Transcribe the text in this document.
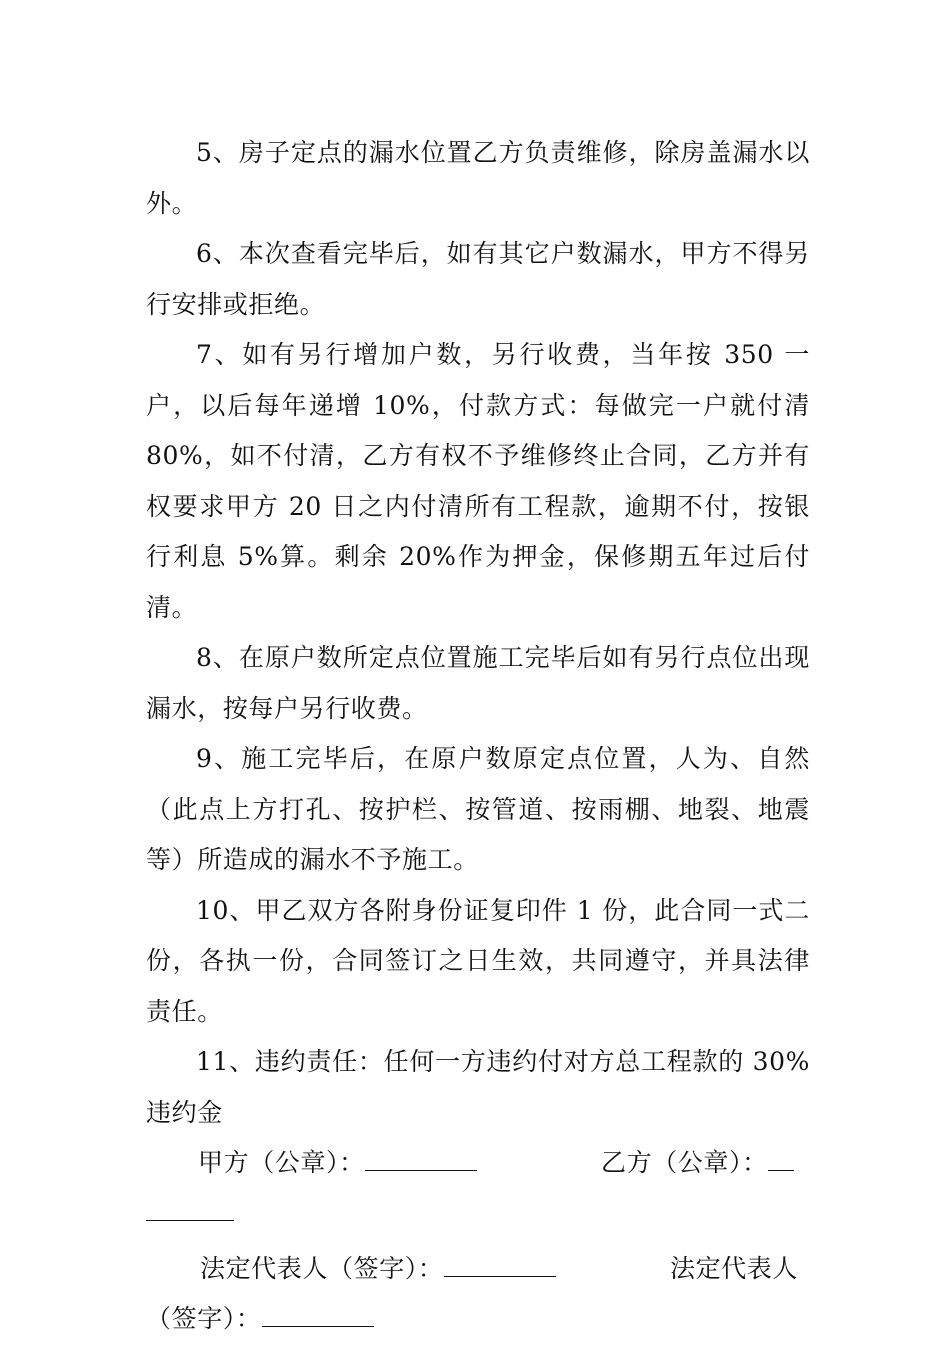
5、房子定点的漏水位置乙方负责维修，除房盖漏水以外。

6、本次查看完毕后，如有其它户数漏水，甲方不得另行安排或拒绝。

7、如有另行增加户数，另行收费，当年按 350 一户，以后每年递增 10%，付款方式：每做完一户就付清 80%，如不付清，乙方有权不予维修终止合同，乙方并有权要求甲方 20 日之内付清所有工程款，逾期不付，按银行利息 5%算。剩余 20%作为押金，保修期五年过后付清。

8、在原户数所定点位置施工完毕后如有另行点位出现漏水，按每户另行收费。

9、施工完毕后，在原户数原定点位置，人为、自然（此点上方打孔、按护栏、按管道、按雨棚、地裂、地震等）所造成的漏水不予施工。

10、甲乙双方各附身份证复印件 1 份，此合同一式二份，各执一份，合同签订之日生效，共同遵守，并具法律责任。

11、违约责任：任何一方违约付对方总工程款的 30%违约金

甲方（公章）：	乙方（公章）：
法定代表人（签字）：	法定代表人
（签字）：
